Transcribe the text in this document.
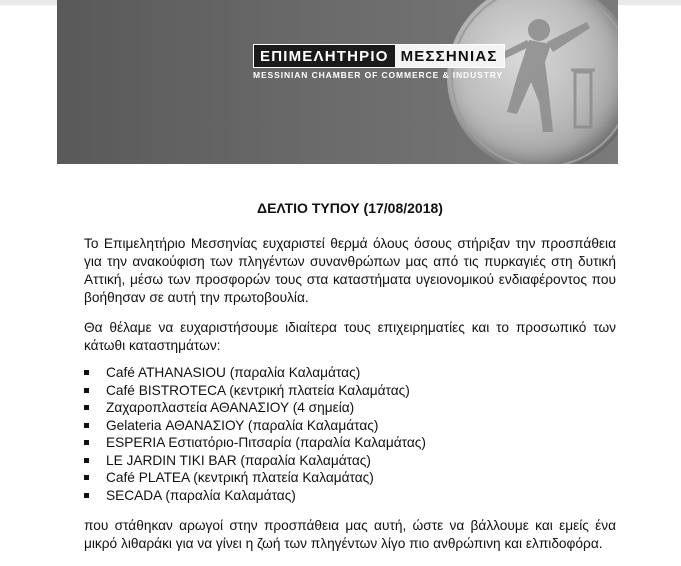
ΕΠΙΜΕΛΗΤΗΡΙΟ ΜΕΣΣΗΝΙΑΣ
MESSINIAN CHAMBER OF COMMERCE & INDUSTRY
ΔΕΛΤΙΟ ΤΥΠΟΥ (17/08/2018)

Το Επιμελητήριο Μεσσηνίας ευχαριστεί θερμά όλους όσους στήριξαν την προσπάθεια για την ανακούφιση των πληγέντων συνανθρώπων μας από τις πυρκαγιές στη δυτική Αττική, μέσω των προσφορών τους στα καταστήματα υγειονομικού ενδιαφέροντος που βοήθησαν σε αυτή την πρωτοβουλία.

Θα θέλαμε να ευχαριστήσουμε ιδιαίτερα τους επιχειρηματίες και το προσωπικό των κάτωθι καταστημάτων:

Café ATHANASIOU (παραλία Καλαμάτας)
Café BISTROTECA (κεντρική πλατεία Καλαμάτας)
Ζαχαροπλαστεία ΑΘΑΝΑΣΙΟΥ (4 σημεία)
Gelateria ΑΘΑΝΑΣΙΟΥ (παραλία Καλαμάτας)
ESPERIA Εστιατόριο-Πιτσαρία (παραλία Καλαμάτας)
LE JARDIN TIKI BAR (παραλία Καλαμάτας)
Café PLATEA (κεντρική πλατεία Καλαμάτας)
SECADA (παραλία Καλαμάτας)

που στάθηκαν αρωγοί στην προσπάθεια μας αυτή, ώστε να βάλλουμε και εμείς ένα μικρό λιθαράκι για να γίνει η ζωή των πληγέντων λίγο πιο ανθρώπινη και ελπιδοφόρα.
